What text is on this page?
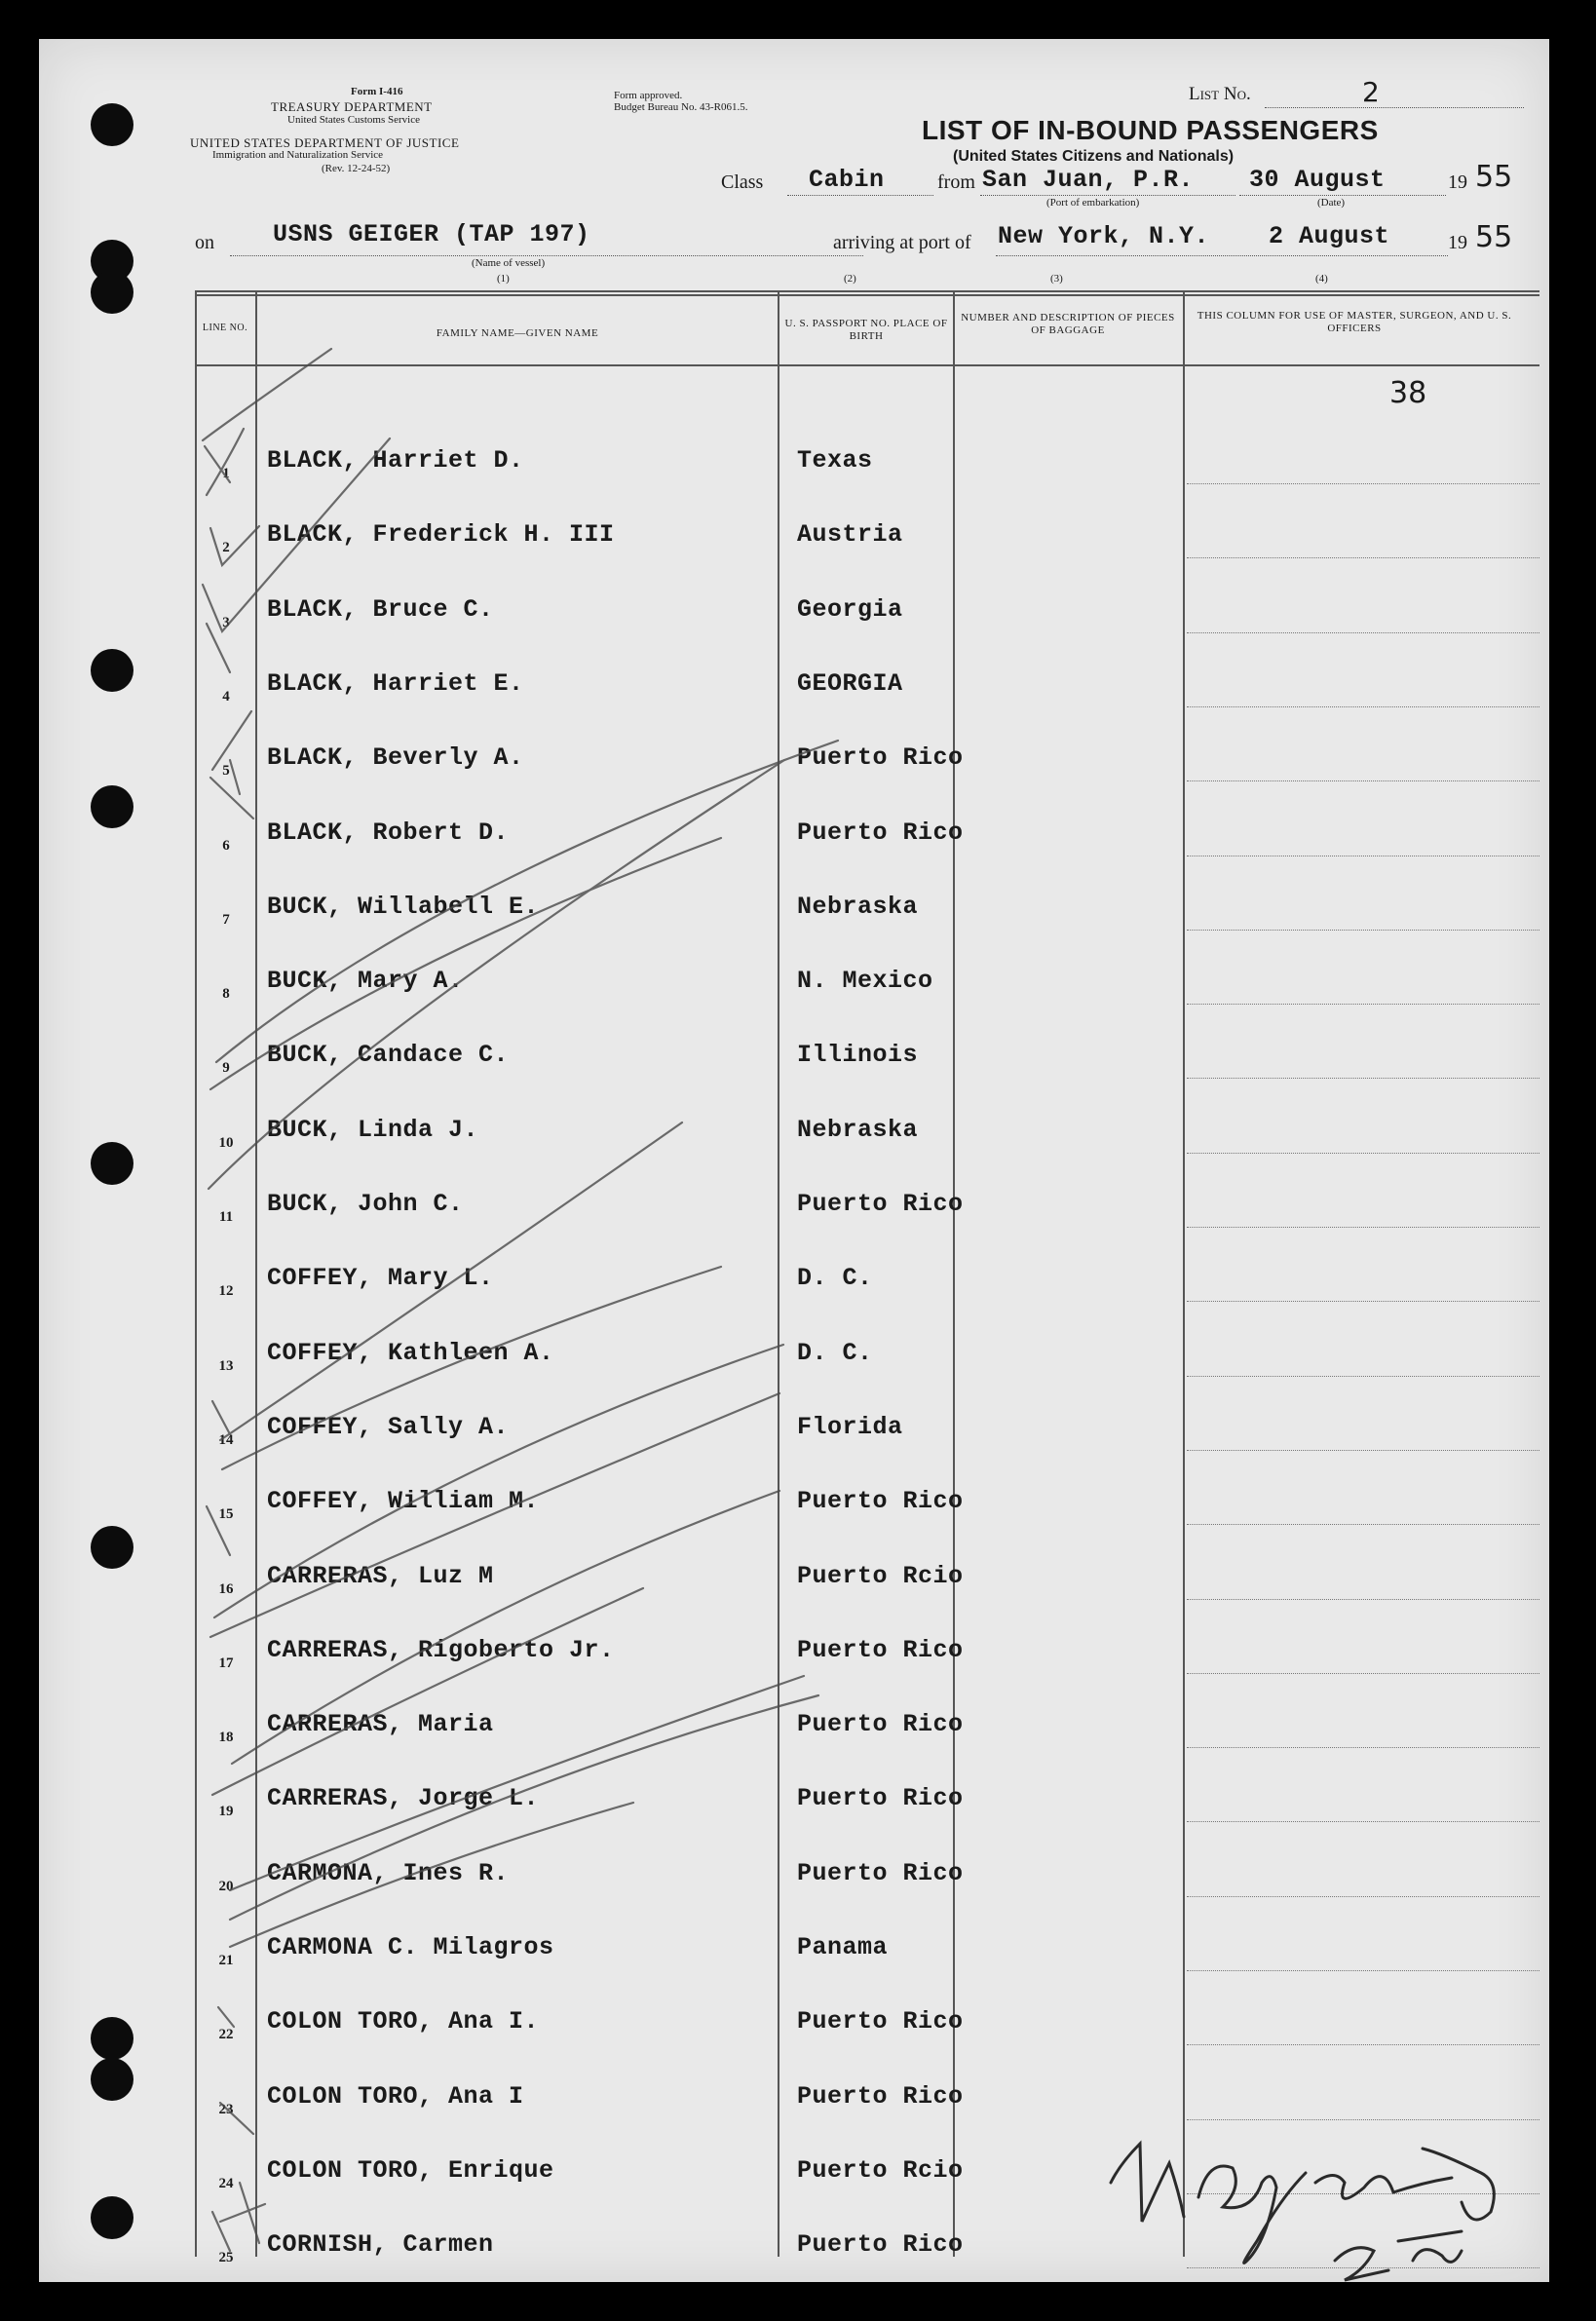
Form I-416
TREASURY DEPARTMENT
United States Customs Service
UNITED STATES DEPARTMENT OF JUSTICE
Immigration and Naturalization Service
(Rev. 12-24-52)
Form approved.
Budget Bureau No. 43-R061.5.
List No.	2
LIST OF IN-BOUND PASSENGERS
(United States Citizens and Nationals)
Class Cabin	from San Juan, P.R.
(Port of embarkation)
30 August
(Date)
19 55
on USNS GEIGER (TAP 197)
(Name of vessel)
arriving at port of New York, N.Y. 2 August	19 55
(1)	(2)	(3)	(4)
LINE NO.	FAMILY NAME—GIVEN NAME
U. S. PASSPORT NO. PLACE OF BIRTH
NUMBER AND DESCRIPTION OF PIECES OF BAGGAGE
THIS COLUMN FOR USE OF MASTER, SURGEON, AND U. S. OFFICERS
38
1	BLACK, Harriet D.	Texas
2	BLACK, Frederick H. III	Austria
3	BLACK, Bruce C.	Georgia
4	BLACK, Harriet E.	GEORGIA
5	BLACK, Beverly A.	Puerto Rico
6	BLACK, Robert D.	Puerto Rico
7	BUCK, Willabell E.	Nebraska
8	BUCK, Mary A.	N. Mexico
9	BUCK, Candace C.	Illinois
10	BUCK, Linda J.	Nebraska
11	BUCK, John C.	Puerto Rico
12	COFFEY, Mary L.	D. C.
13	COFFEY, Kathleen A.	D. C.
14	COFFEY, Sally A.	Florida
15	COFFEY, William M.	Puerto Rico
16	CARRERAS, Luz M	Puerto Rcio
17	CARRERAS, Rigoberto Jr.	Puerto Rico
18	CARRERAS, Maria	Puerto Rico
19	CARRERAS, Jorge L.	Puerto Rico
20	CARMONA, Ines R.	Puerto Rico
21	CARMONA C. Milagros	Panama
22	COLON TORO, Ana I.	Puerto Rico
23	COLON TORO, Ana I	Puerto Rico
24	COLON TORO, Enrique	Puerto Rcio
25	CORNISH, Carmen	Puerto Rico
